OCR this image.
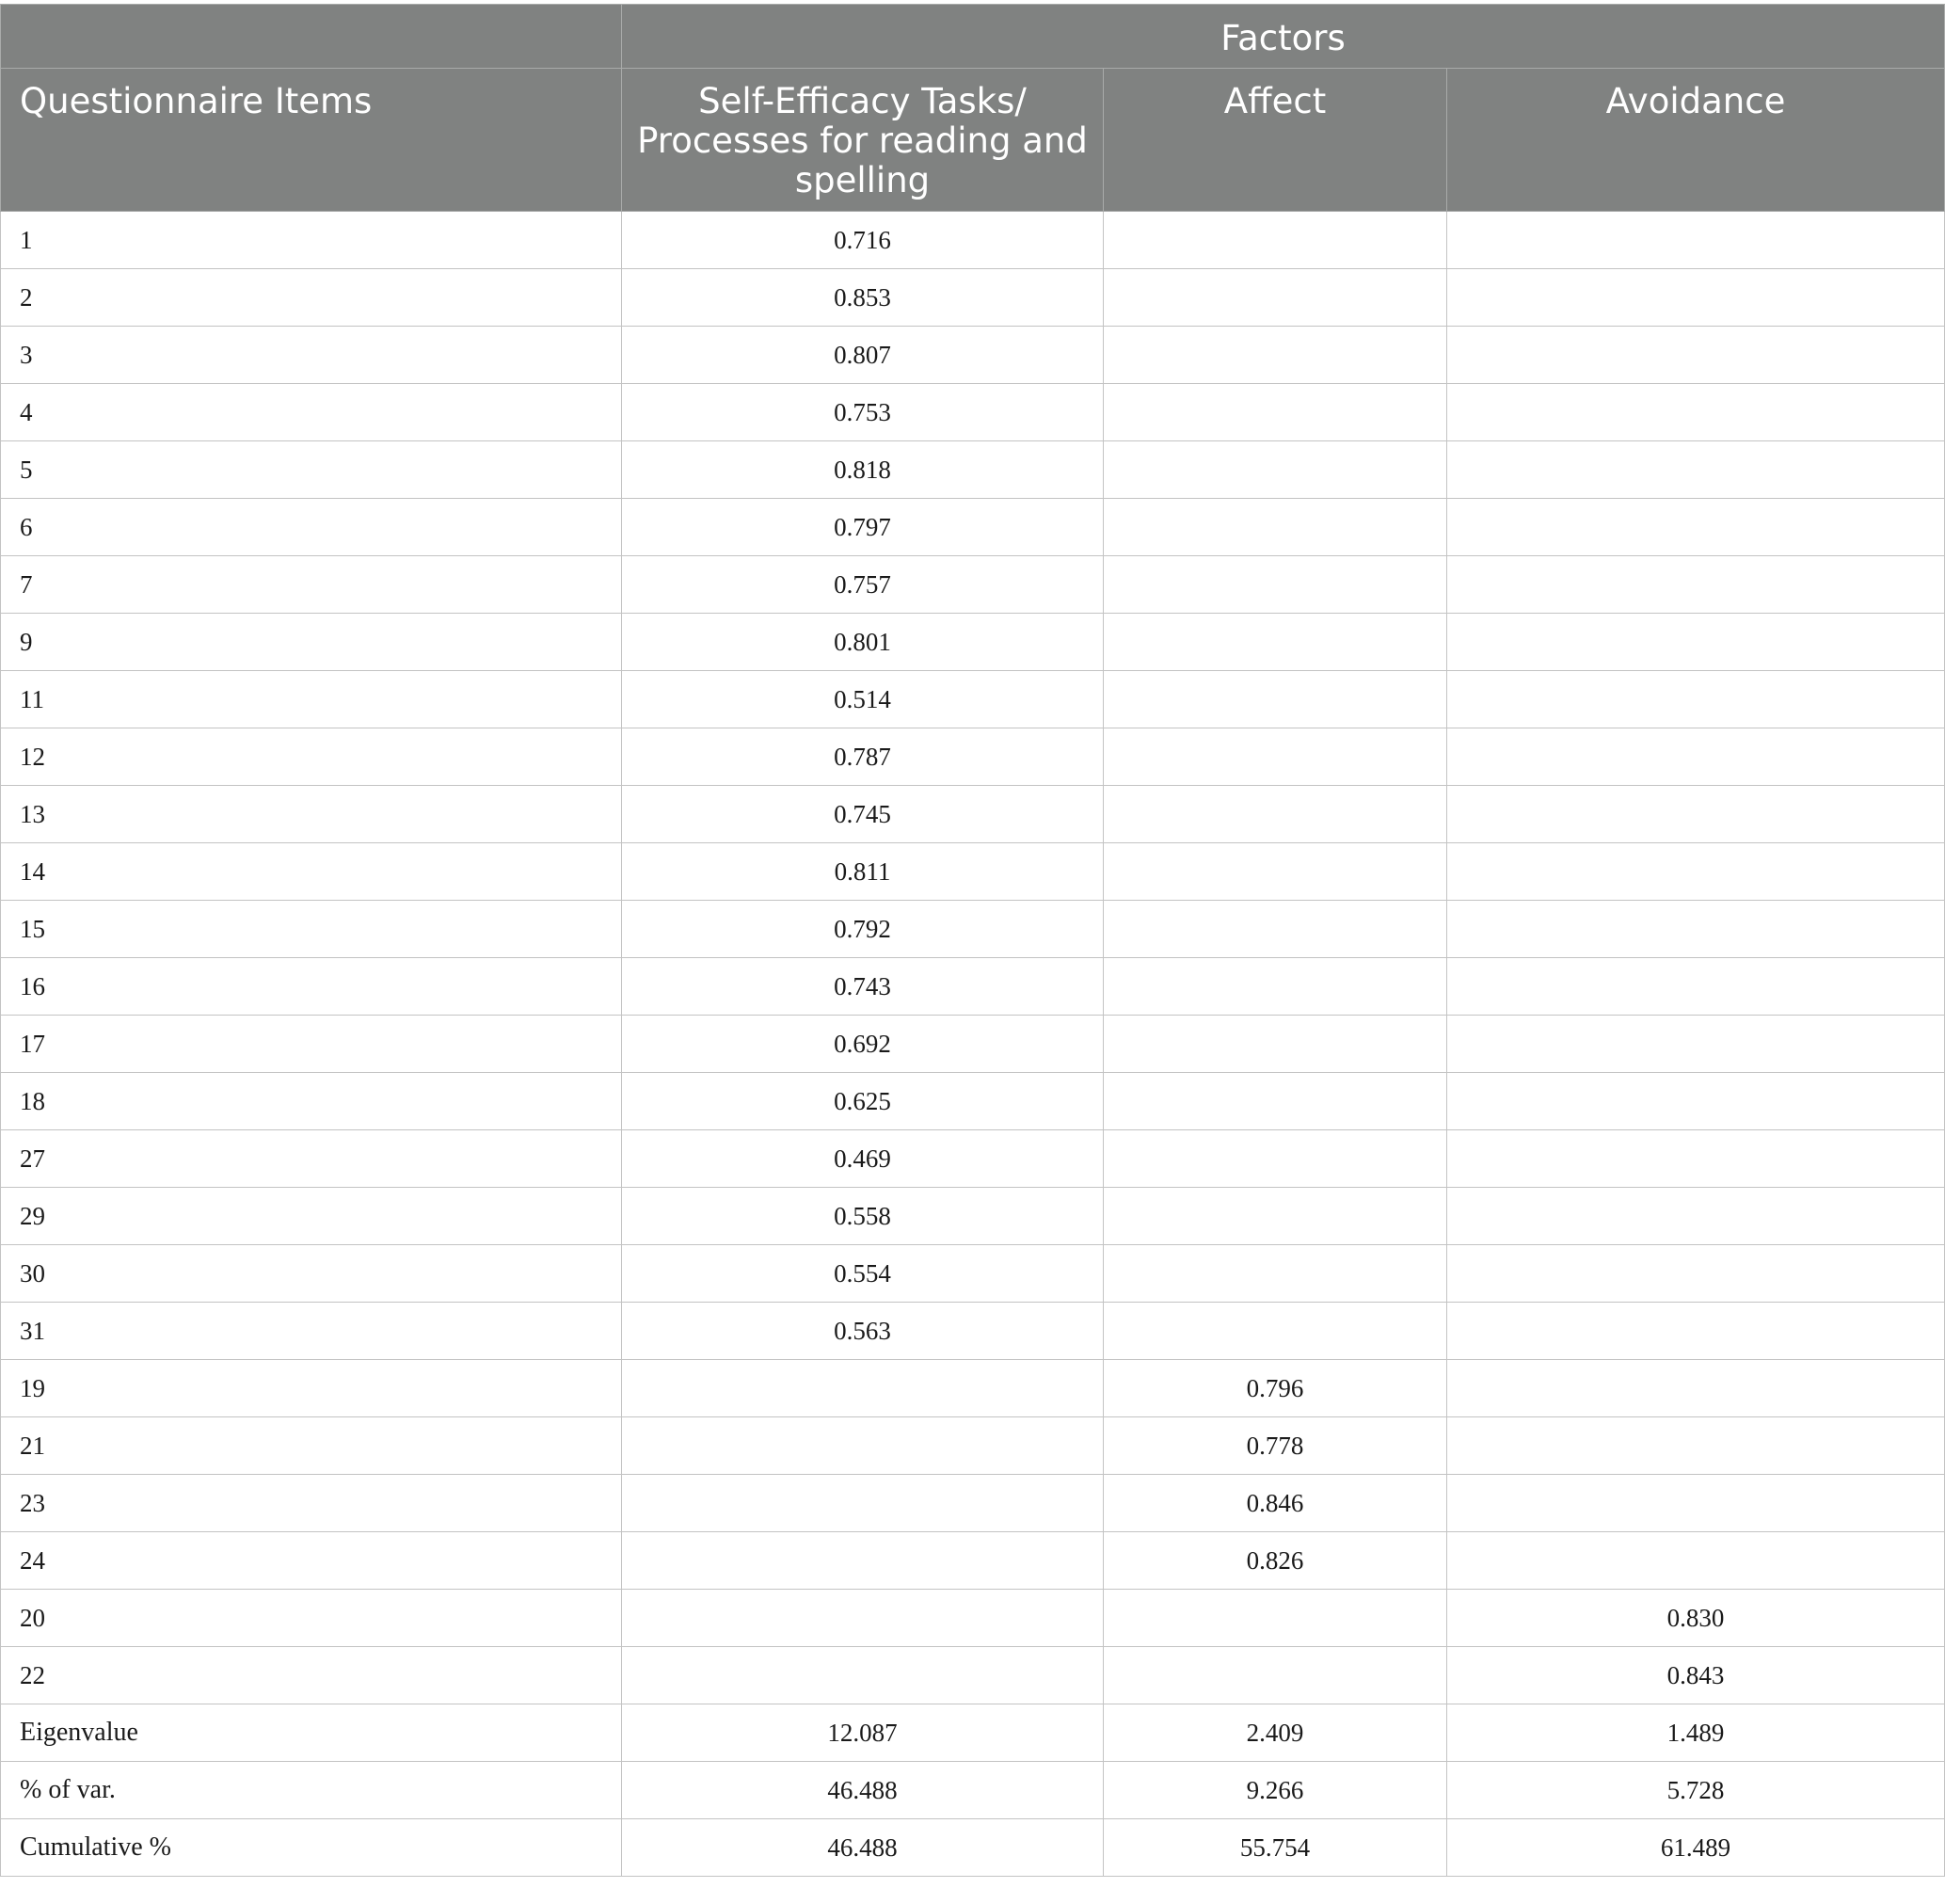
	Factors		
Questionnaire Items	Self-Efficacy Tasks/ Processes for reading and spelling	Affect	Avoidance
1	0.716		
2	0.853		
3	0.807		
4	0.753		
5	0.818		
6	0.797		
7	0.757		
9	0.801		
11	0.514		
12	0.787		
13	0.745		
14	0.811		
15	0.792		
16	0.743		
17	0.692		
18	0.625		
27	0.469		
29	0.558		
30	0.554		
31	0.563		
19		0.796	
21		0.778	
23		0.846	
24		0.826	
20			0.830
22			0.843
Eigenvalue	12.087	2.409	1.489
% of var.	46.488	9.266	5.728
Cumulative %	46.488	55.754	61.489
